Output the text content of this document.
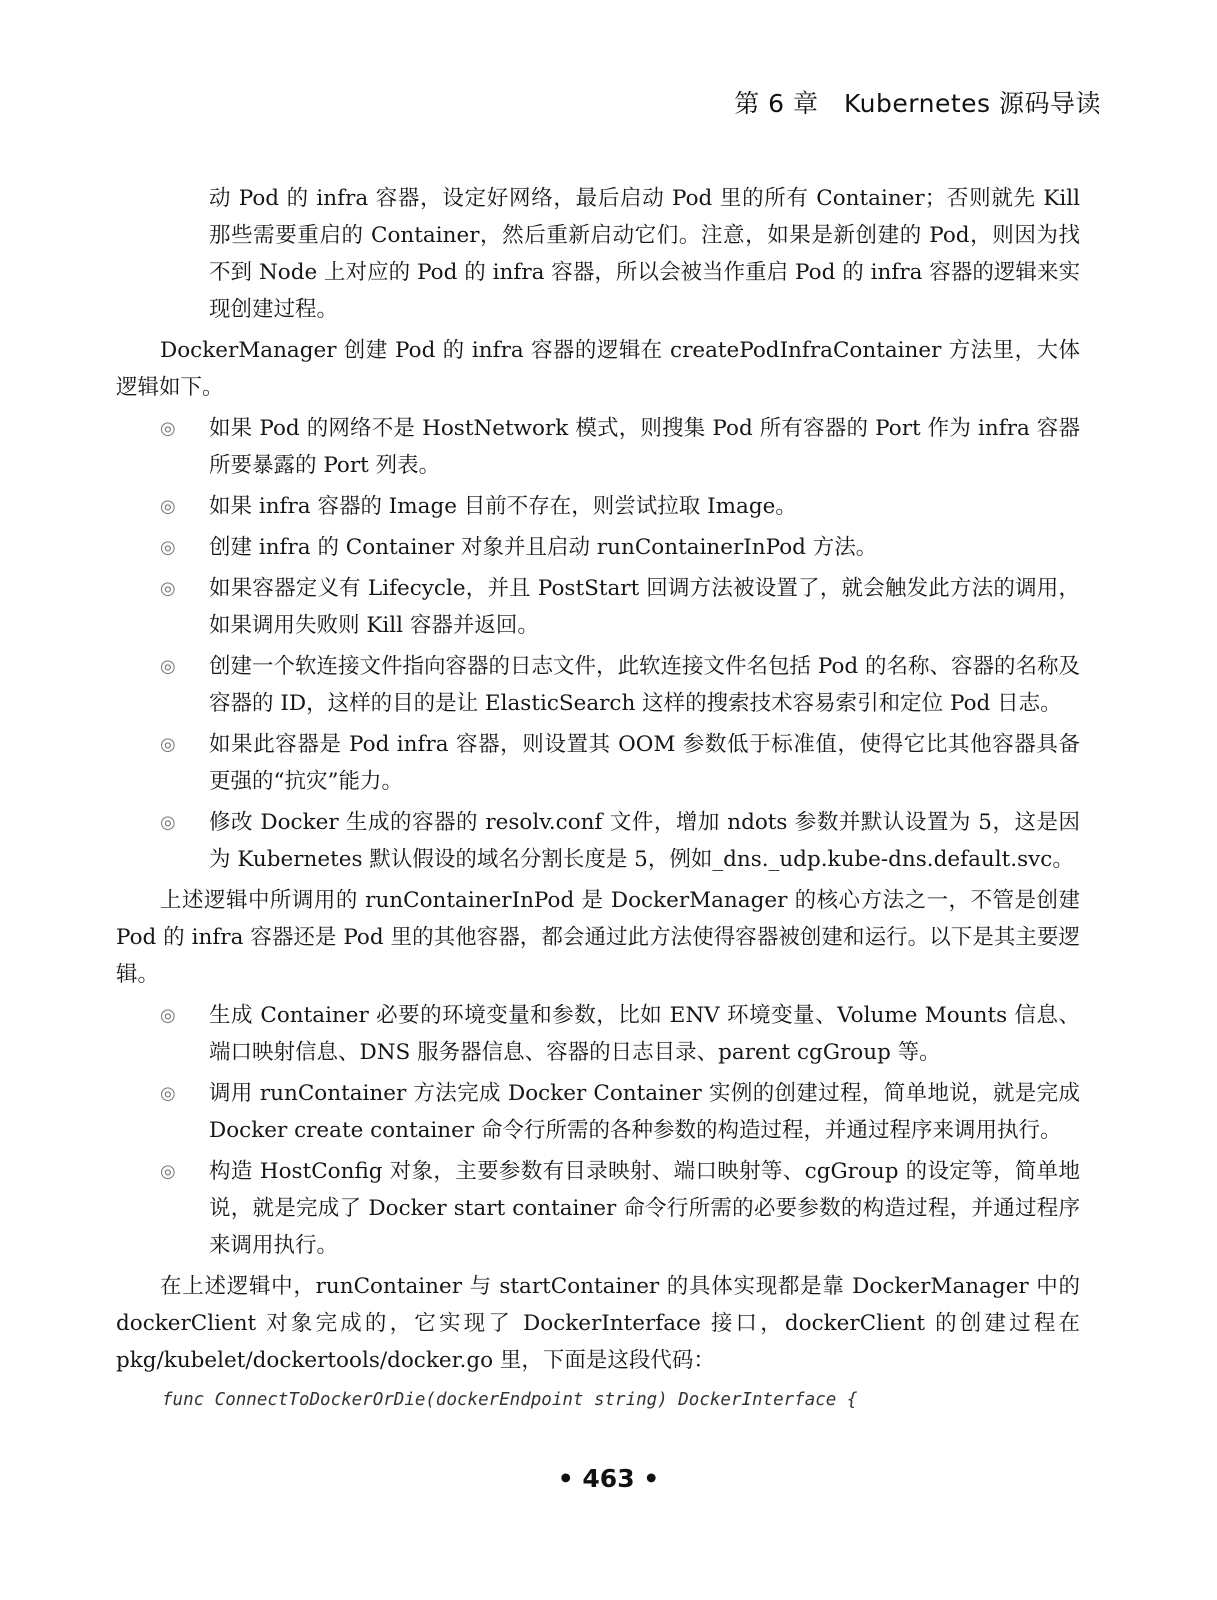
第 6 章　Kubernetes 源码导读

动 Pod 的 infra 容器，设定好网络，最后启动 Pod 里的所有 Container；否则就先 Kill 那些需要重启的 Container，然后重新启动它们。注意，如果是新创建的 Pod，则因为找不到 Node 上对应的 Pod 的 infra 容器，所以会被当作重启 Pod 的 infra 容器的逻辑来实现创建过程。

DockerManager 创建 Pod 的 infra 容器的逻辑在 createPodInfraContainer 方法里，大体逻辑如下。

◎	如果 Pod 的网络不是 HostNetwork 模式，则搜集 Pod 所有容器的 Port 作为 infra 容器所要暴露的 Port 列表。
◎	如果 infra 容器的 Image 目前不存在，则尝试拉取 Image。
◎	创建 infra 的 Container 对象并且启动 runContainerInPod 方法。
◎	如果容器定义有 Lifecycle，并且 PostStart 回调方法被设置了，就会触发此方法的调用，如果调用失败则 Kill 容器并返回。
◎	创建一个软连接文件指向容器的日志文件，此软连接文件名包括 Pod 的名称、容器的名称及容器的 ID，这样的目的是让 ElasticSearch 这样的搜索技术容易索引和定位 Pod 日志。
◎	如果此容器是 Pod infra 容器，则设置其 OOM 参数低于标准值，使得它比其他容器具备更强的“抗灾”能力。
◎	修改 Docker 生成的容器的 resolv.conf 文件，增加 ndots 参数并默认设置为 5，这是因为 Kubernetes 默认假设的域名分割长度是 5，例如_dns._udp.kube-dns.default.svc。

上述逻辑中所调用的 runContainerInPod 是 DockerManager 的核心方法之一，不管是创建 Pod 的 infra 容器还是 Pod 里的其他容器，都会通过此方法使得容器被创建和运行。以下是其主要逻辑。

◎	生成 Container 必要的环境变量和参数，比如 ENV 环境变量、Volume Mounts 信息、端口映射信息、DNS 服务器信息、容器的日志目录、parent cgGroup 等。
◎	调用 runContainer 方法完成 Docker Container 实例的创建过程，简单地说，就是完成 Docker create container 命令行所需的各种参数的构造过程，并通过程序来调用执行。
◎	构造 HostConfig 对象，主要参数有目录映射、端口映射等、cgGroup 的设定等，简单地说，就是完成了 Docker start container 命令行所需的必要参数的构造过程，并通过程序来调用执行。

在上述逻辑中，runContainer 与 startContainer 的具体实现都是靠 DockerManager 中的 dockerClient 对象完成的，它实现了 DockerInterface 接口，dockerClient 的创建过程在 pkg/kubelet/dockertools/docker.go 里，下面是这段代码：

func ConnectToDockerOrDie(dockerEndpoint string) DockerInterface {
• 463 •
